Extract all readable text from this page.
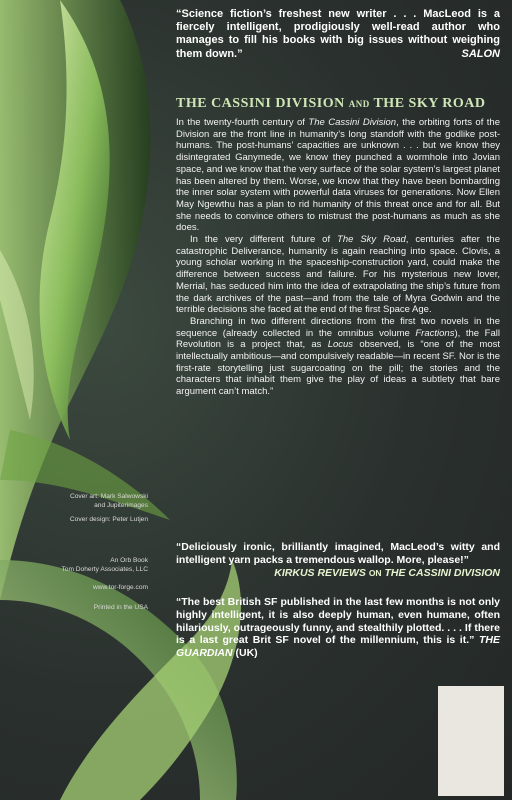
“Science fiction’s freshest new writer . . . MacLeod is a fiercely intelligent, prodigiously well-read author who manages to fill his books with big issues without weighing them down.”	SALON
THE CASSINI DIVISION AND THE SKY ROAD

In the twenty-fourth century of The Cassini Division, the orbiting forts of the Division are the front line in humanity’s long standoff with the godlike post-humans. The post-humans’ capacities are unknown . . . but we know they disintegrated Ganymede, we know they punched a wormhole into Jovian space, and we know that the very surface of the solar system’s largest planet has been altered by them. Worse, we know that they have been bombarding the inner solar system with powerful data viruses for generations. Now Ellen May Ngewthu has a plan to rid humanity of this threat once and for all. But she needs to convince others to mistrust the post-humans as much as she does.

In the very different future of The Sky Road, centuries after the catastrophic Deliverance, humanity is again reaching into space. Clovis, a young scholar working in the spaceship-construction yard, could make the difference between success and failure. For his mysterious new lover, Merrial, has seduced him into the idea of extrapolating the ship’s future from the dark archives of the past—and from the tale of Myra Godwin and the terrible decisions she faced at the end of the first Space Age.

Branching in two different directions from the first two novels in the sequence (already collected in the omnibus volume Fractions), the Fall Revolution is a project that, as Locus observed, is “one of the most intellectually ambitious—and compulsively readable—in recent SF. Nor is the first-rate storytelling just sugarcoating on the pill; the stories and the characters that inhabit them give the play of ideas a subtlety that bare argument can’t match.”

“Deliciously ironic, brilliantly imagined, MacLeod’s witty and intelligent yarn packs a tremendous wallop. More, please!”
KIRKUS REVIEWS ON THE CASSINI DIVISION
“The best British SF published in the last few months is not only highly intelligent, it is also deeply human, even humane, often hilariously, outrageously funny, and stealthily plotted. . . . If there is a last great Brit SF novel of the millennium, this is it.” THE GUARDIAN (UK)
Cover art: Mark Salwowski
and Jupiterimages
Cover design: Peter Lutjen
An Orb Book
Tom Doherty Associates, LLC
www.tor-forge.com
Printed in the USA
